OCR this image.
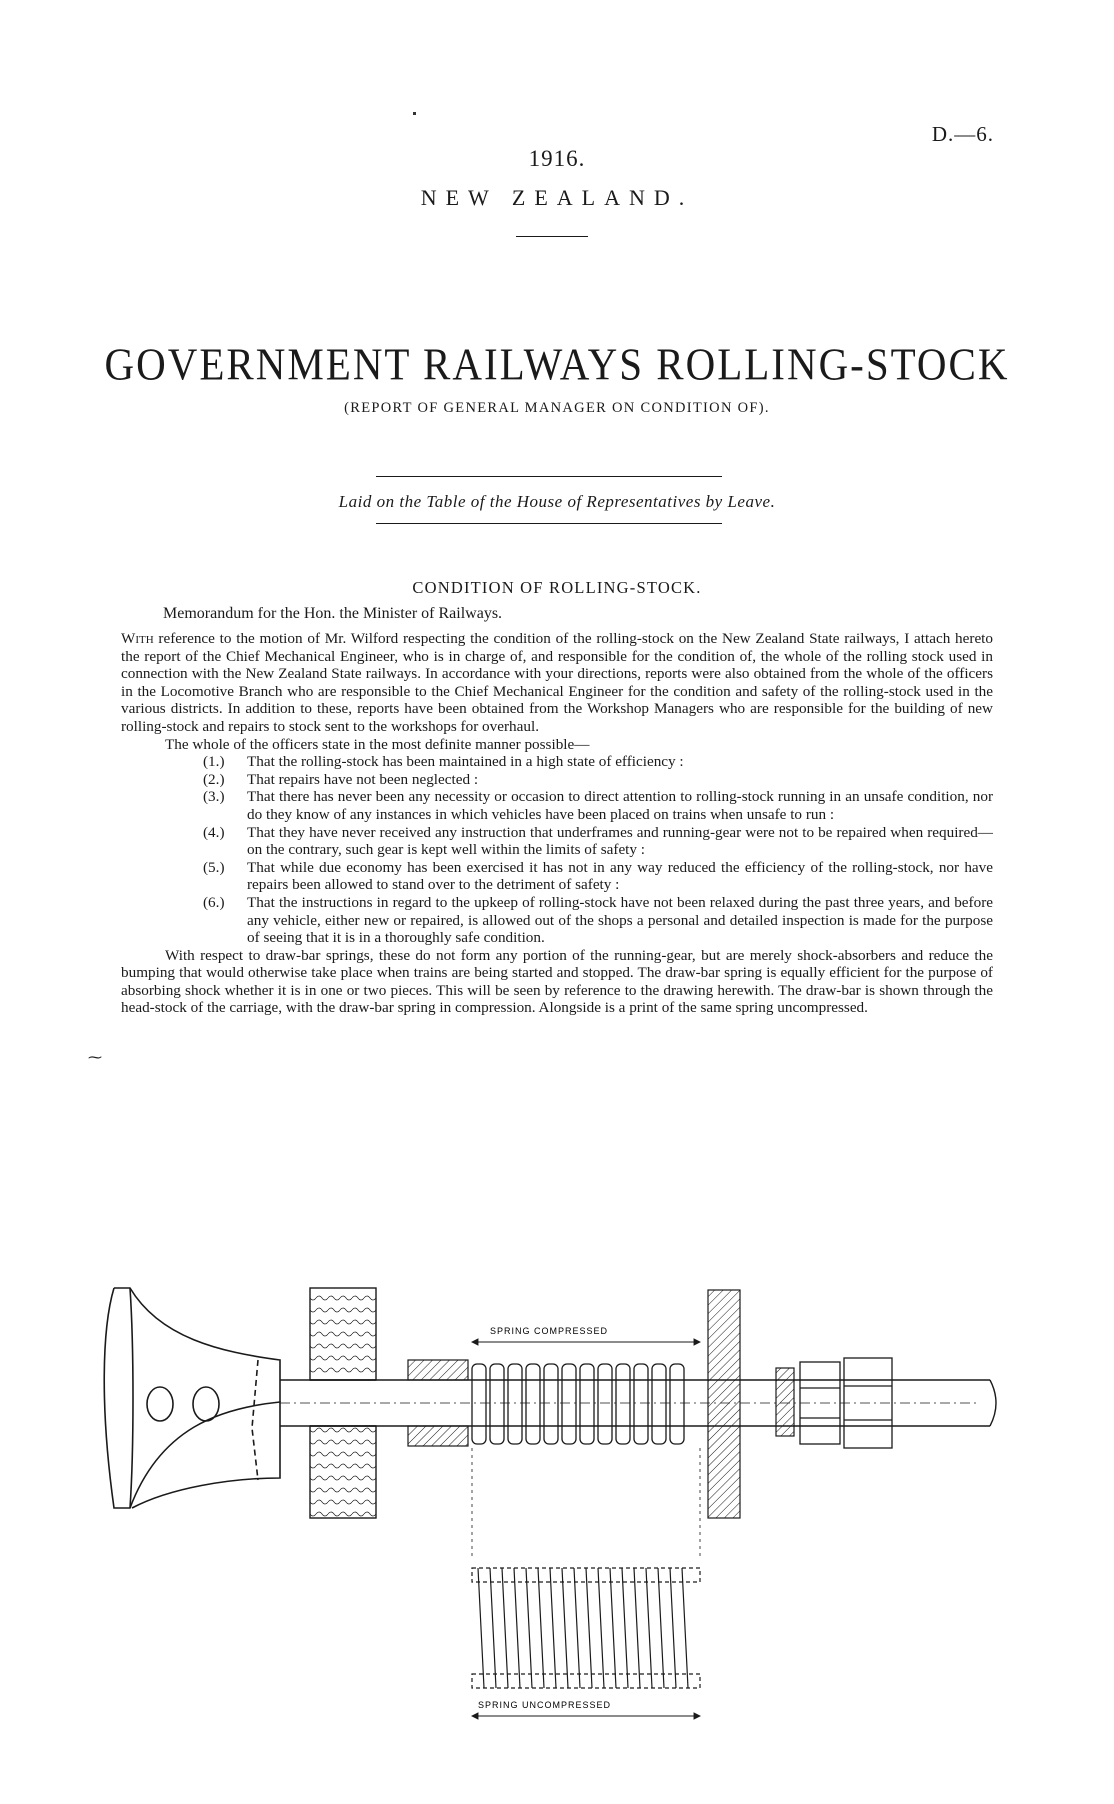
D.—6.
1916.
NEW ZEALAND.
GOVERNMENT RAILWAYS ROLLING-STOCK
(REPORT OF GENERAL MANAGER ON CONDITION OF).
Laid on the Table of the House of Representatives by Leave.
CONDITION OF ROLLING-STOCK.
Memorandum for the Hon. the Minister of Railways.

With reference to the motion of Mr. Wilford respecting the condition of the rolling-stock on the New Zealand State railways, I attach hereto the report of the Chief Mechanical Engineer, who is in charge of, and responsible for the condition of, the whole of the rolling stock used in connection with the New Zealand State railways. In accordance with your directions, reports were also obtained from the whole of the officers in the Locomotive Branch who are responsible to the Chief Mechanical Engineer for the condition and safety of the rolling-stock used in the various districts. In addition to these, reports have been obtained from the Workshop Managers who are responsible for the building of new rolling-stock and repairs to stock sent to the workshops for overhaul.

The whole of the officers state in the most definite manner possible—

(1.) That the rolling-stock has been maintained in a high state of efficiency :
(2.) That repairs have not been neglected :
(3.) That there has never been any necessity or occasion to direct attention to rolling-stock running in an unsafe condition, nor do they know of any instances in which vehicles have been placed on trains when unsafe to run :
(4.) That they have never received any instruction that underframes and running-gear were not to be repaired when required—on the contrary, such gear is kept well within the limits of safety :
(5.) That while due economy has been exercised it has not in any way reduced the efficiency of the rolling-stock, nor have repairs been allowed to stand over to the detriment of safety :
(6.) That the instructions in regard to the upkeep of rolling-stock have not been relaxed during the past three years, and before any vehicle, either new or repaired, is allowed out of the shops a personal and detailed inspection is made for the purpose of seeing that it is in a thoroughly safe condition.

With respect to draw-bar springs, these do not form any portion of the running-gear, but are merely shock-absorbers and reduce the bumping that would otherwise take place when trains are being started and stopped. The draw-bar spring is equally efficient for the purpose of absorbing shock whether it is in one or two pieces. This will be seen by reference to the drawing herewith. The draw-bar is shown through the head-stock of the carriage, with the draw-bar spring in compression. Alongside is a print of the same spring uncompressed.

⁓
SPRING COMPRESSED
SPRING UNCOMPRESSED
